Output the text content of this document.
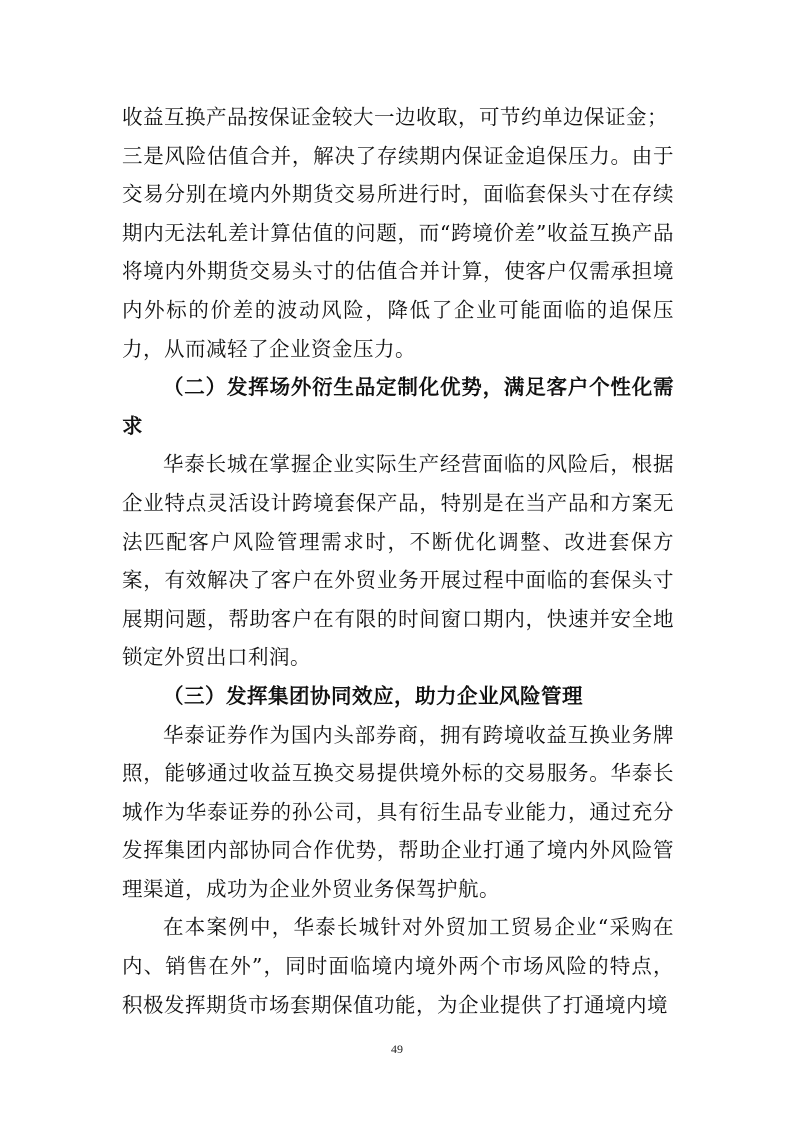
收益互换产品按保证金较大一边收取，可节约单边保证金；

三是风险估值合并，解决了存续期内保证金追保压力。由于交易分别在境内外期货交易所进行时，面临套保头寸在存续期内无法轧差计算估值的问题，而“跨境价差”收益互换产品将境内外期货交易头寸的估值合并计算，使客户仅需承担境内外标的价差的波动风险，降低了企业可能面临的追保压力，从而减轻了企业资金压力。

（二）发挥场外衍生品定制化优势，满足客户个性化需求

华泰长城在掌握企业实际生产经营面临的风险后，根据企业特点灵活设计跨境套保产品，特别是在当产品和方案无法匹配客户风险管理需求时，不断优化调整、改进套保方案，有效解决了客户在外贸业务开展过程中面临的套保头寸展期问题，帮助客户在有限的时间窗口期内，快速并安全地锁定外贸出口利润。

（三）发挥集团协同效应，助力企业风险管理

华泰证券作为国内头部券商，拥有跨境收益互换业务牌照，能够通过收益互换交易提供境外标的交易服务。华泰长城作为华泰证券的孙公司，具有衍生品专业能力，通过充分发挥集团内部协同合作优势，帮助企业打通了境内外风险管理渠道，成功为企业外贸业务保驾护航。

在本案例中，华泰长城针对外贸加工贸易企业“采购在内、销售在外”，同时面临境内境外两个市场风险的特点，积极发挥期货市场套期保值功能，为企业提供了打通境内境

49
